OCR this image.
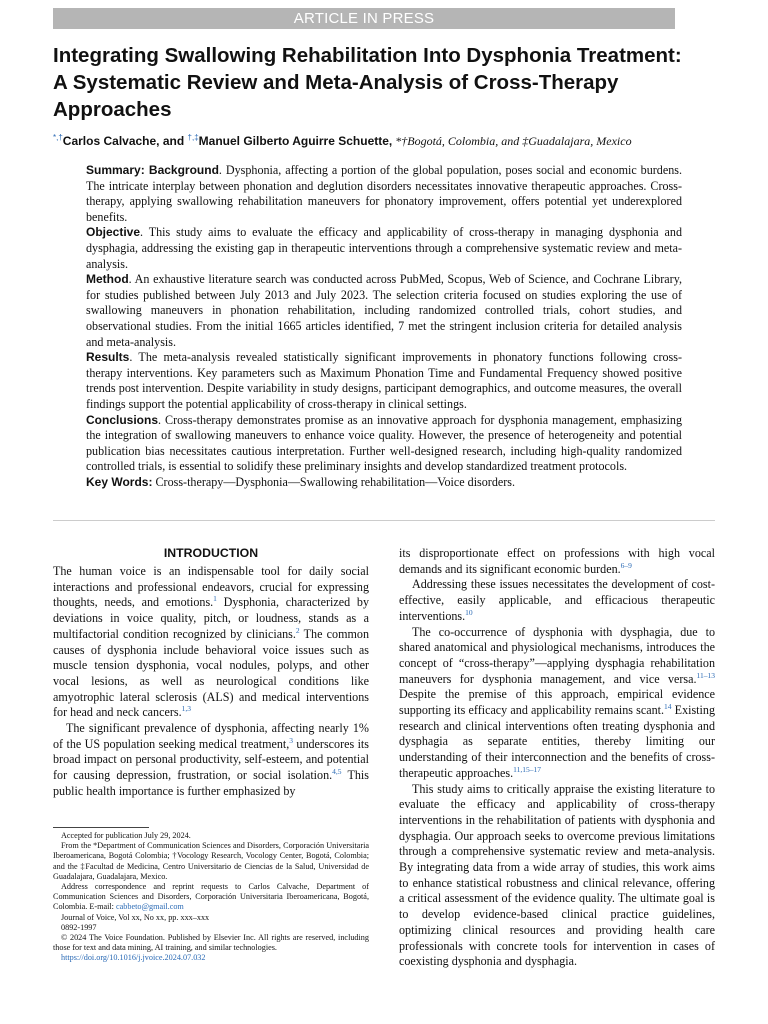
ARTICLE IN PRESS
Integrating Swallowing Rehabilitation Into Dysphonia Treatment: A Systematic Review and Meta-Analysis of Cross-Therapy Approaches
*,†Carlos Calvache, and †,‡Manuel Gilberto Aguirre Schuette, *†Bogotá, Colombia, and ‡Guadalajara, Mexico

Summary: Background. Dysphonia, affecting a portion of the global population, poses social and economic burdens. The intricate interplay between phonation and deglution disorders necessitates innovative therapeutic approaches. Cross-therapy, applying swallowing rehabilitation maneuvers for phonatory improvement, offers potential yet underexplored benefits.

Objective. This study aims to evaluate the efficacy and applicability of cross-therapy in managing dysphonia and dysphagia, addressing the existing gap in therapeutic interventions through a comprehensive systematic review and meta-analysis.

Method. An exhaustive literature search was conducted across PubMed, Scopus, Web of Science, and Cochrane Library, for studies published between July 2013 and July 2023. The selection criteria focused on studies exploring the use of swallowing maneuvers in phonation rehabilitation, including randomized controlled trials, cohort studies, and observational studies. From the initial 1665 articles identified, 7 met the stringent inclusion criteria for detailed analysis and meta-analysis.

Results. The meta-analysis revealed statistically significant improvements in phonatory functions following cross-therapy interventions. Key parameters such as Maximum Phonation Time and Fundamental Frequency showed positive trends post intervention. Despite variability in study designs, participant demographics, and outcome measures, the overall findings support the potential applicability of cross-therapy in clinical settings.

Conclusions. Cross-therapy demonstrates promise as an innovative approach for dysphonia management, emphasizing the integration of swallowing maneuvers to enhance voice quality. However, the presence of heterogeneity and potential publication bias necessitates cautious interpretation. Further well-designed research, including high-quality randomized controlled trials, is essential to solidify these preliminary insights and develop standardized treatment protocols.

Key Words: Cross-therapy—Dysphonia—Swallowing rehabilitation—Voice disorders.

INTRODUCTION

The human voice is an indispensable tool for daily social interactions and professional endeavors, crucial for expressing thoughts, needs, and emotions.$^1$ Dysphonia, characterized by deviations in voice quality, pitch, or loudness, stands as a multifactorial condition recognized by clinicians.$^2$ The common causes of dysphonia include behavioral voice issues such as muscle tension dysphonia, vocal nodules, polyps, and other vocal lesions, as well as neurological conditions like amyotrophic lateral sclerosis (ALS) and medical interventions for head and neck cancers.$^{1,3}$

The significant prevalence of dysphonia, affecting nearly 1% of the US population seeking medical treatment,$^3$ underscores its broad impact on personal productivity, self-esteem, and potential for causing depression, frustration, or social isolation.$^{4,5}$ This public health importance is further emphasized by

its disproportionate effect on professions with high vocal demands and its significant economic burden.$^{6-9}$

Addressing these issues necessitates the development of cost-effective, easily applicable, and efficacious therapeutic interventions.$^{10}$

The co-occurrence of dysphonia with dysphagia, due to shared anatomical and physiological mechanisms, introduces the concept of “cross-therapy”—applying dysphagia rehabilitation maneuvers for dysphonia management, and vice versa.$^{11-13}$ Despite the premise of this approach, empirical evidence supporting its efficacy and applicability remains scant.$^{14}$ Existing research and clinical interventions often treating dysphonia and dysphagia as separate entities, thereby limiting our understanding of their interconnection and the benefits of cross-therapeutic approaches.$^{11,15-17}$

This study aims to critically appraise the existing literature to evaluate the efficacy and applicability of cross-therapy interventions in the rehabilitation of patients with dysphonia and dysphagia. Our approach seeks to overcome previous limitations through a comprehensive systematic review and meta-analysis. By integrating data from a wide array of studies, this work aims to enhance statistical robustness and clinical relevance, offering a critical assessment of the evidence quality. The ultimate goal is to develop evidence-based clinical practice guidelines, optimizing clinical resources and providing health care professionals with concrete tools for intervention in cases of coexisting dysphonia and dysphagia.

Accepted for publication July 29, 2024.

From the *Department of Communication Sciences and Disorders, Corporación Universitaria Iberoamericana, Bogotá Colombia; †Vocology Research, Vocology Center, Bogotá, Colombia; and the ‡Facultad de Medicina, Centro Universitario de Ciencias de la Salud, Universidad de Guadalajara, Guadalajara, Mexico.

Address correspondence and reprint requests to Carlos Calvache, Department of Communication Sciences and Disorders, Corporación Universitaria Iberoamericana, Bogotá, Colombia. E-mail: cabbeto@gmail.com

Journal of Voice, Vol xx, No xx, pp. xxx–xxx

0892-1997

© 2024 The Voice Foundation. Published by Elsevier Inc. All rights are reserved, including those for text and data mining, AI training, and similar technologies.

https://doi.org/10.1016/j.jvoice.2024.07.032
